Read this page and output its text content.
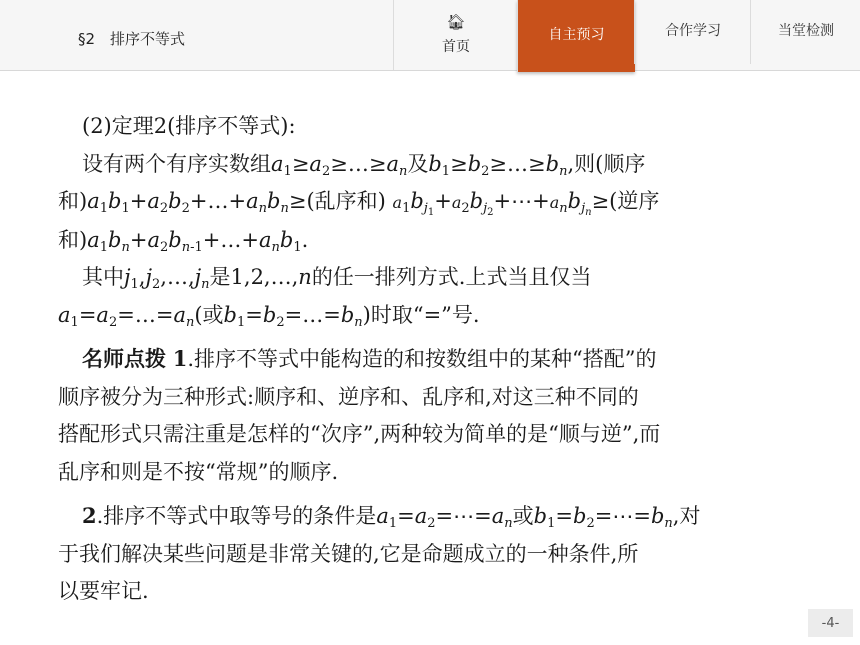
§2　排序不等式
🏠︎
首页
自主预习	合作学习	当堂检测

(2)定理2(排序不等式):

设有两个有序实数组$a_1\ge a_2\ge\dots\ge a_n$及$b_1\ge b_2\ge\dots\ge b_n$,则(顺序

和)$a_1b_1+a_2b_2+\dots+a_nb_n\ge$(乱序和) $a_1b_{j_1}+a_2b_{j_2}+\cdots+a_nb_{j_n}\ge$(逆序

和)$a_1b_n+a_2b_{n-1}+\dots+a_nb_1$.

其中$j_1,j_2,\dots,j_n$是1,2,…,n的任一排列方式.上式当且仅当

$a_1=a_2=\dots=a_n$(或$b_1=b_2=\dots=b_n$)时取“=”号.

名师点拨 1.排序不等式中能构造的和按数组中的某种“搭配”的

顺序被分为三种形式:顺序和、逆序和、乱序和,对这三种不同的

搭配形式只需注重是怎样的“次序”,两种较为简单的是“顺与逆”,而

乱序和则是不按“常规”的顺序.

2.排序不等式中取等号的条件是$a_1=a_2=\cdots=a_n$或$b_1=b_2=\cdots=b_n$,对

于我们解决某些问题是非常关键的,它是命题成立的一种条件,所

以要牢记.

-4-
